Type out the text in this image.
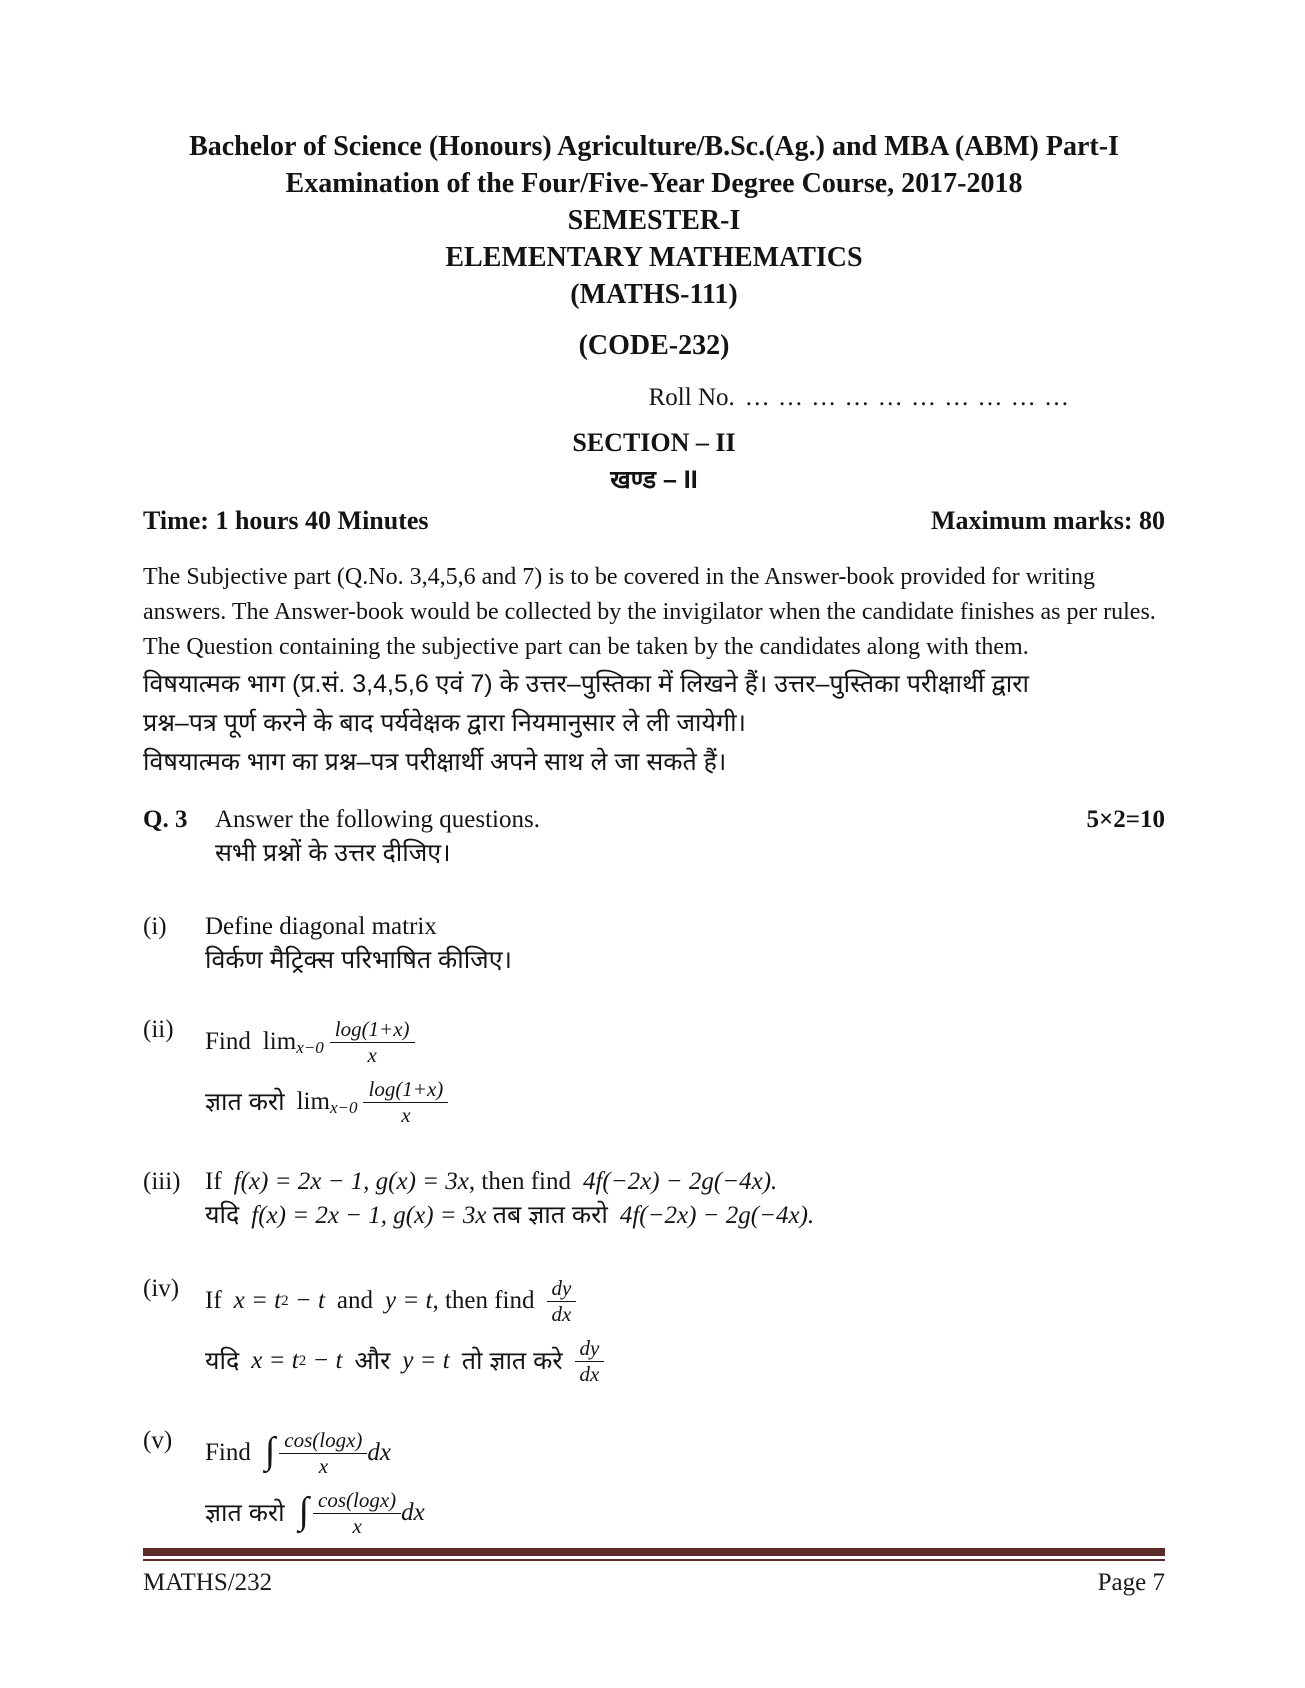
Bachelor of Science (Honours) Agriculture/B.Sc.(Ag.) and MBA (ABM) Part-I
Examination of the Four/Five-Year Degree Course, 2017-2018
SEMESTER-I
ELEMENTARY MATHEMATICS
(MATHS-111)
(CODE-232)
Roll No. … … … … … … … … … …
SECTION – II
खण्ड – II
Time: 1 hours 40 Minutes	Maximum marks: 80
The Subjective part (Q.No. 3,4,5,6 and 7) is to be covered in the Answer-book provided for writing answers. The Answer-book would be collected by the invigilator when the candidate finishes as per rules.
The Question containing the subjective part can be taken by the candidates along with them.
विषयात्मक भाग (प्र.सं. 3,4,5,6 एवं 7) के उत्तर–पुस्तिका में लिखने हैं। उत्तर–पुस्तिका परीक्षार्थी द्वारा
प्रश्न–पत्र पूर्ण करने के बाद पर्यवेक्षक द्वारा नियमानुसार ले ली जायेगी।
विषयात्मक भाग का प्रश्न–पत्र परीक्षार्थी अपने साथ ले जा सकते हैं।
Q. 3	Answer the following questions.	5×2=10
सभी प्रश्नों के उत्तर दीजिए।
(i)	Define diagonal matrix
विर्कण मैट्रिक्स परिभाषित कीजिए।
(ii)	Find $\lim_{x-0} \frac{\log(1+x)}{x}$
ज्ञात करो $\lim_{x-0} \frac{\log(1+x)}{x}$
(iii) If f(x) = 2x − 1, g(x) = 3x, then find 4f(−2x) − 2g(−4x).
यदि f(x) = 2x − 1, g(x) = 3x तब ज्ञात करो 4f(−2x) − 2g(−4x).
(iv)	If x = t 2
− t and y = t , then find $\frac{dy}{dx}$
यदि x = t 2
− t और y = t तो ज्ञात करे $\frac{dy}{dx}$
(v)	Find ∫ $\frac{\cos(\log x)}{x}$ dx
ज्ञात करो ∫ $\frac{\cos(\log x)}{x}$ dx
MATHS/232	Page 7
